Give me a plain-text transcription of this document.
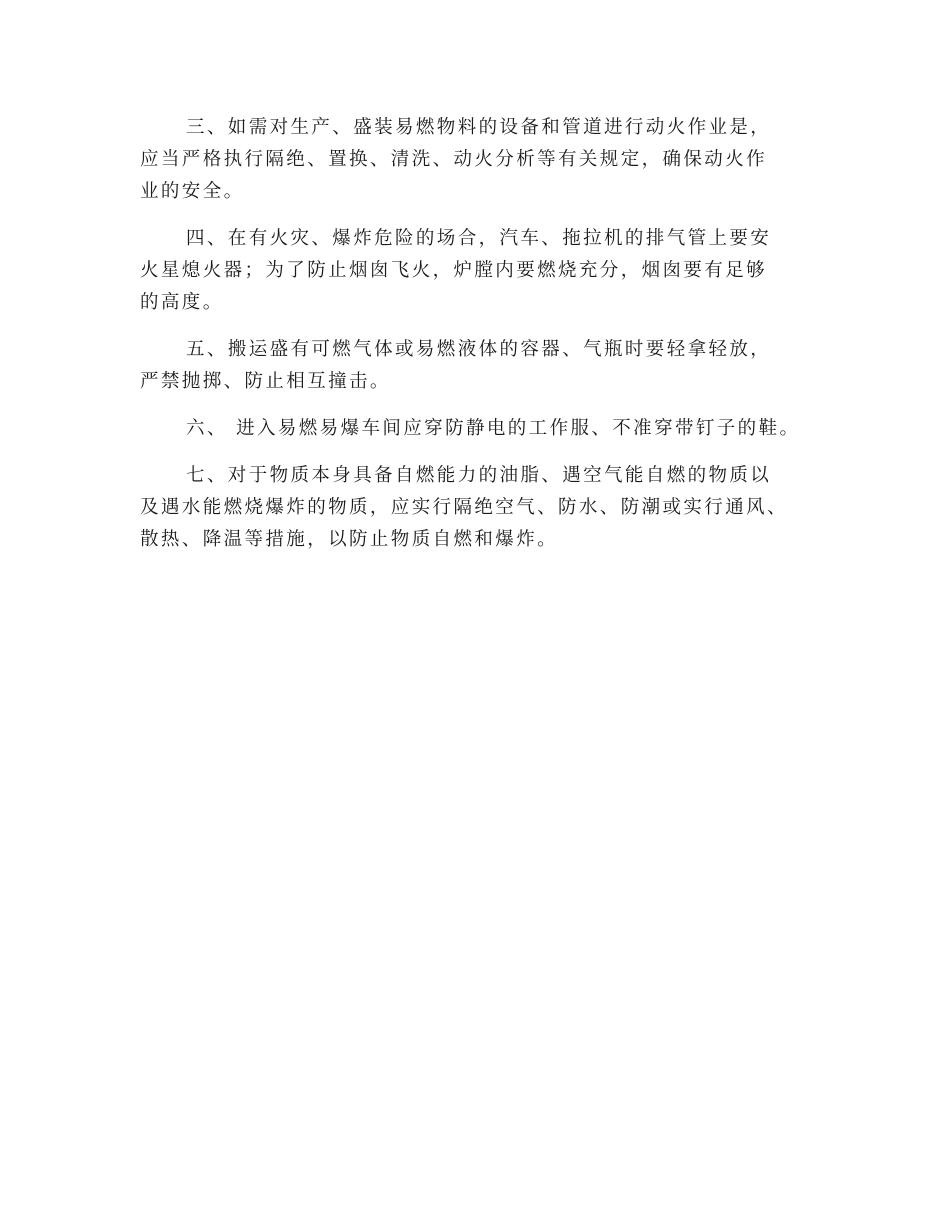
三、如需对生产、盛装易燃物料的设备和管道进行动火作业是，
应当严格执行隔绝、置换、清洗、动火分析等有关规定，确保动火作
业的安全。
四、在有火灾、爆炸危险的场合，汽车、拖拉机的排气管上要安
火星熄火器；为了防止烟囱飞火，炉膛内要燃烧充分，烟囱要有足够
的高度。
五、搬运盛有可燃气体或易燃液体的容器、气瓶时要轻拿轻放，
严禁抛掷、防止相互撞击。
六、 进入易燃易爆车间应穿防静电的工作服、不准穿带钉子的鞋。
七、对于物质本身具备自燃能力的油脂、遇空气能自燃的物质以
及遇水能燃烧爆炸的物质，应实行隔绝空气、防水、防潮或实行通风、
散热、降温等措施，以防止物质自燃和爆炸。
